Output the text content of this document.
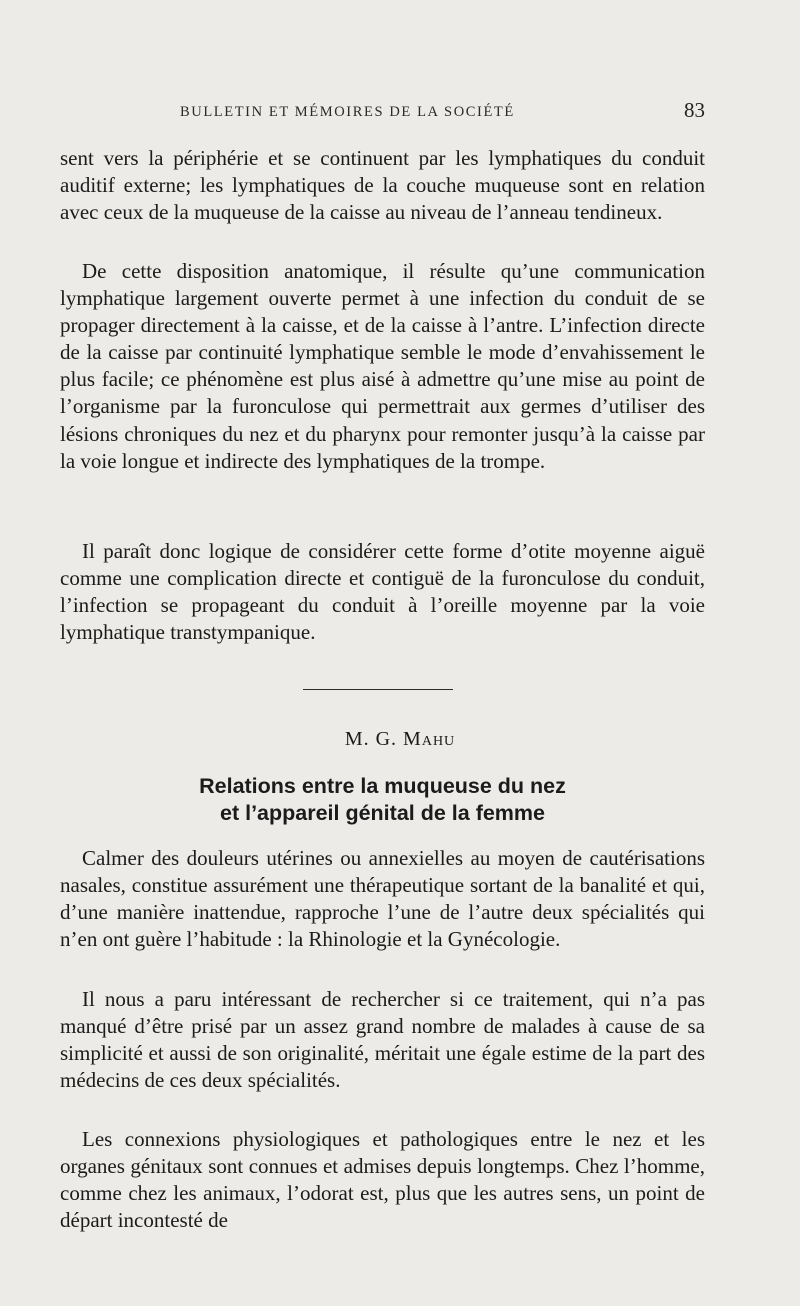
BULLETIN ET MÉMOIRES DE LA SOCIÉTÉ	83

sent vers la périphérie et se continuent par les lymphatiques du conduit auditif externe; les lymphatiques de la couche muqueuse sont en relation avec ceux de la muqueuse de la caisse au niveau de l’anneau tendineux.

De cette disposition anatomique, il résulte qu’une communication lymphatique largement ouverte permet à une infection du conduit de se propager directement à la caisse, et de la caisse à l’antre. L’infection directe de la caisse par continuité lymphatique semble le mode d’envahissement le plus facile; ce phénomène est plus aisé à admettre qu’une mise au point de l’organisme par la furonculose qui permettrait aux germes d’utiliser des lésions chroniques du nez et du pharynx pour remonter jusqu’à la caisse par la voie longue et indirecte des lymphatiques de la trompe.

Il paraît donc logique de considérer cette forme d’otite moyenne aiguë comme une complication directe et contiguë de la furonculose du conduit, l’infection se propageant du conduit à l’oreille moyenne par la voie lymphatique transtympanique.

M. G. Mahu
Relations entre la muqueuse du nez
et l’appareil génital de la femme

Calmer des douleurs utérines ou annexielles au moyen de cautérisations nasales, constitue assurément une thérapeutique sortant de la banalité et qui, d’une manière inattendue, rapproche l’une de l’autre deux spécialités qui n’en ont guère l’habitude : la Rhinologie et la Gynécologie.

Il nous a paru intéressant de rechercher si ce traitement, qui n’a pas manqué d’être prisé par un assez grand nombre de malades à cause de sa simplicité et aussi de son originalité, méritait une égale estime de la part des médecins de ces deux spécialités.

Les connexions physiologiques et pathologiques entre le nez et les organes génitaux sont connues et admises depuis longtemps. Chez l’homme, comme chez les animaux, l’odorat est, plus que les autres sens, un point de départ incontesté de
